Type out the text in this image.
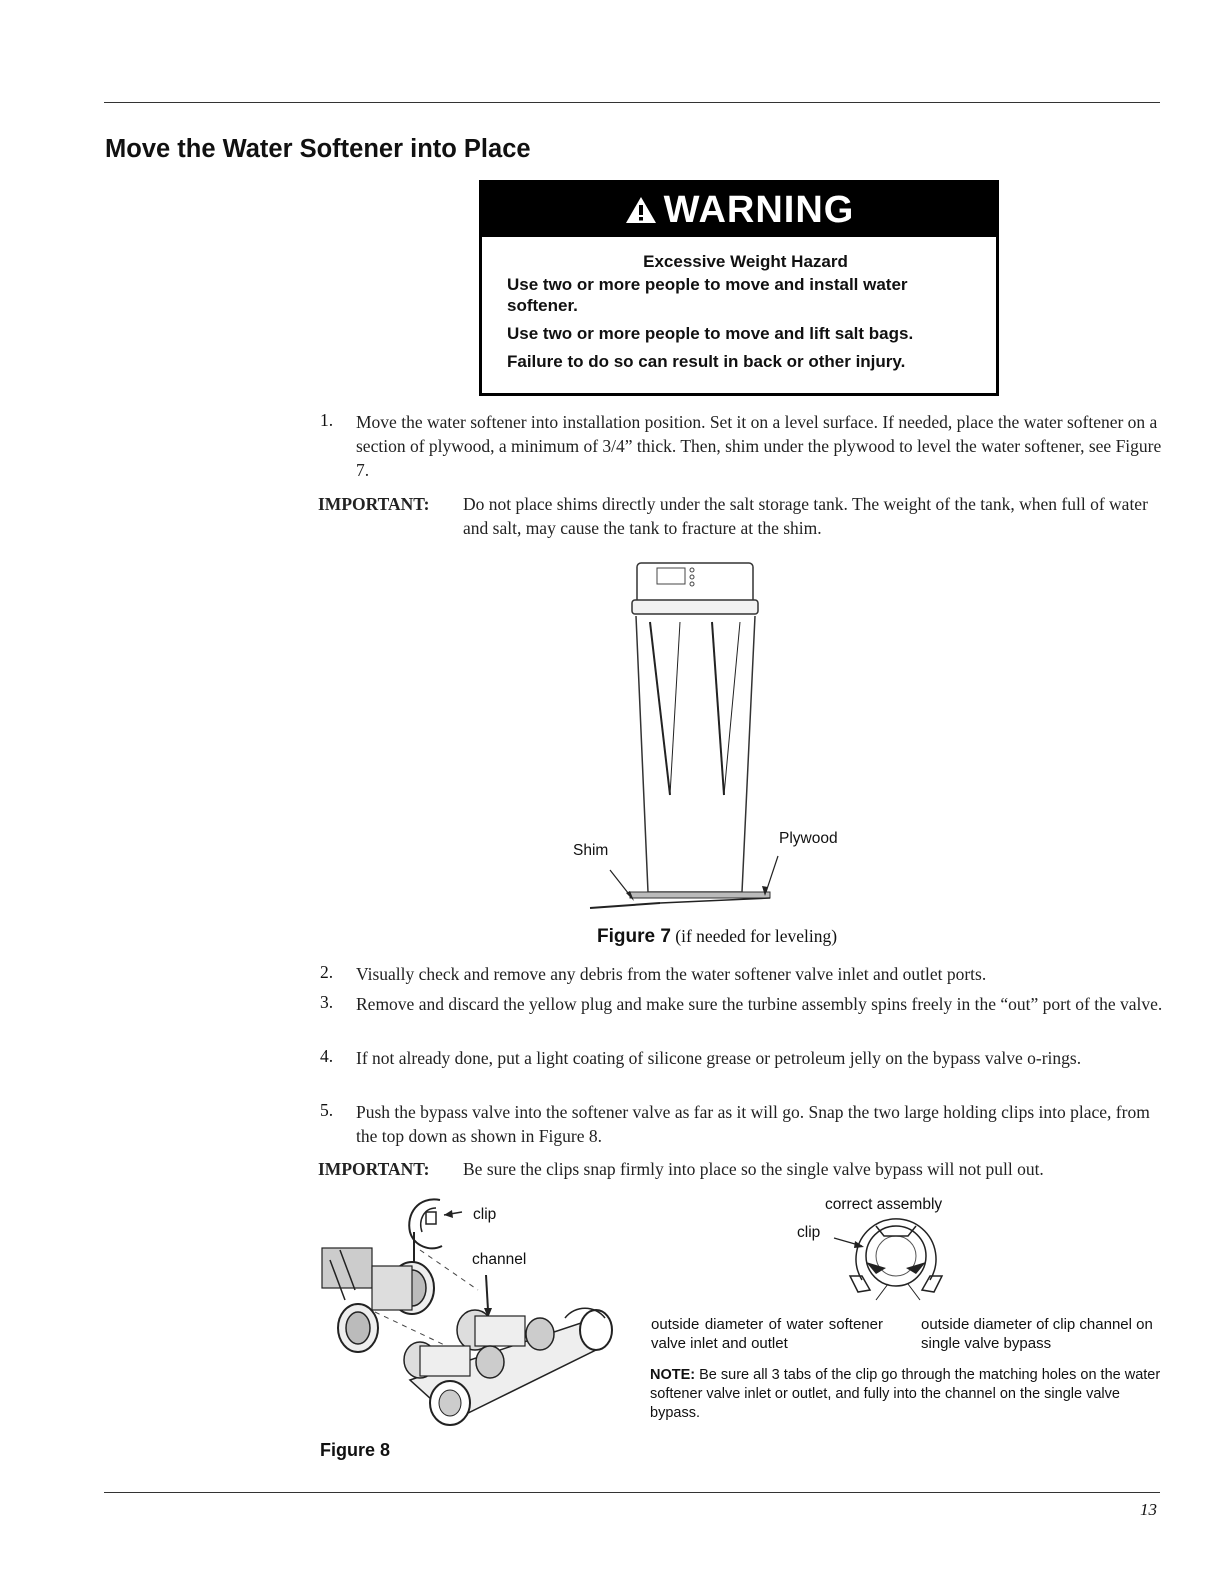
Move the Water Softener into Place
WARNING
Excessive Weight Hazard

Use two or more people to move and install water softener.

Use two or more people to move and lift salt bags.

Failure to do so can result in back or other injury.

1. Move the water softener into installation position. Set it on a level surface. If needed, place the water softener on a section of plywood, a minimum of 3/4” thick. Then, shim under the plywood to level the water softener, see Figure 7.
IMPORTANT: Do not place shims directly under the salt storage tank. The weight of the tank, when full of water and salt, may cause the tank to fracture at the shim.
Shim
Plywood
Figure 7 (if needed for leveling)
2. Visually check and remove any debris from the water softener valve inlet and outlet ports.
3. Remove and discard the yellow plug and make sure the turbine assembly spins freely in the “out” port of the valve.
4. If not already done, put a light coating of silicone grease or petroleum jelly on the bypass valve o-rings.
5. Push the bypass valve into the softener valve as far as it will go. Snap the two large holding clips into place, from the top down as shown in Figure 8.
IMPORTANT: Be sure the clips snap firmly into place so the single valve bypass will not pull out.
clip
channel
Figure 8
correct assembly
clip
outside diameter of water softener valve inlet and outlet
outside diameter of clip channel on single valve bypass
NOTE: Be sure all 3 tabs of the clip go through the matching holes on the water softener valve inlet or outlet, and fully into the channel on the single valve bypass.
13
